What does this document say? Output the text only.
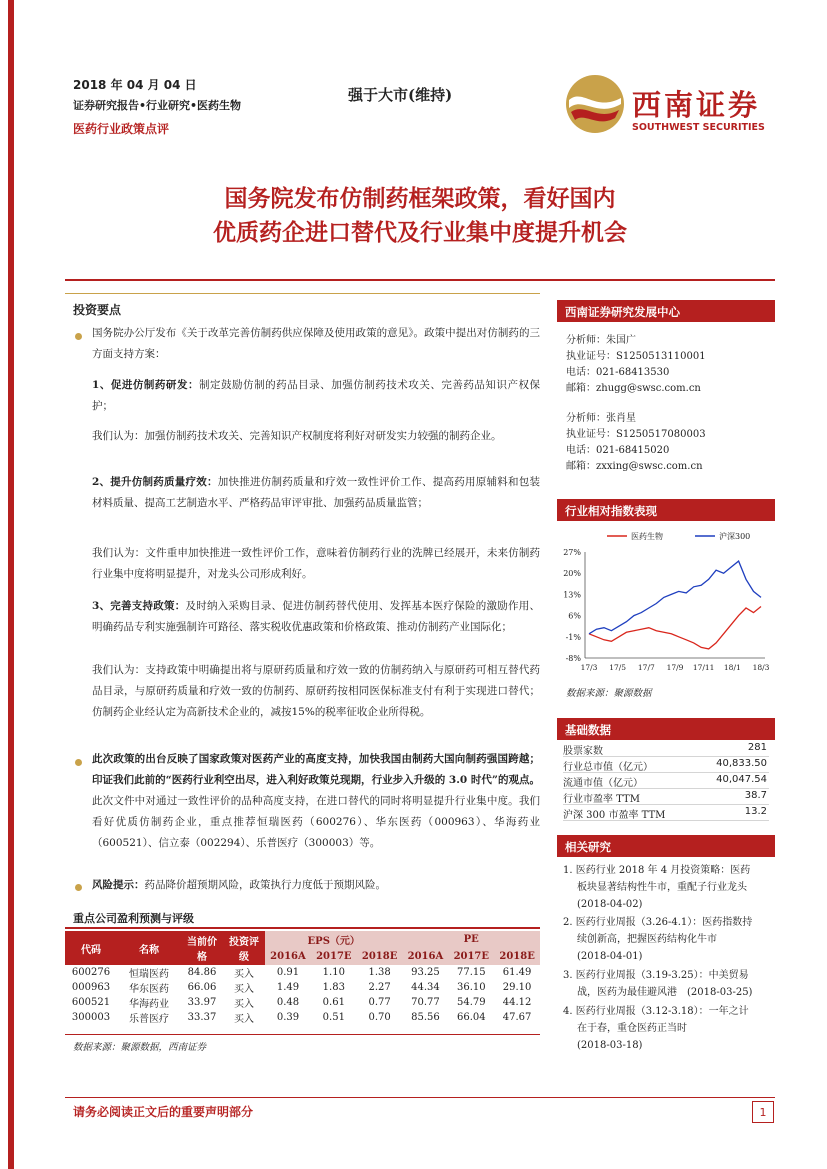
2018 年 04 月 04 日
证券研究报告•行业研究•医药生物
医药行业政策点评
强于大市(维持)	西南证券
SOUTHWEST SECURITIES
国务院发布仿制药框架政策，看好国内
优质药企进口替代及行业集中度提升机会
投资要点
国务院办公厅发布《关于改革完善仿制药供应保障及使用政策的意见》。政策中提出对仿制药的三方面支持方案：
1、促进仿制药研发：制定鼓励仿制的药品目录、加强仿制药技术攻关、完善药品知识产权保护；
我们认为：加强仿制药技术攻关、完善知识产权制度将利好对研发实力较强的制药企业。
2、提升仿制药质量疗效：加快推进仿制药质量和疗效一致性评价工作、提高药用原辅料和包装材料质量、提高工艺制造水平、严格药品审评审批、加强药品质量监管；
我们认为：文件重申加快推进一致性评价工作，意味着仿制药行业的洗牌已经展开，未来仿制药行业集中度将明显提升，对龙头公司形成利好。
3、完善支持政策：及时纳入采购目录、促进仿制药替代使用、发挥基本医疗保险的激励作用、明确药品专利实施强制许可路径、落实税收优惠政策和价格政策、推动仿制药产业国际化；
我们认为：支持政策中明确提出将与原研药质量和疗效一致的仿制药纳入与原研药可相互替代药品目录，与原研药质量和疗效一致的仿制药、原研药按相同医保标准支付有利于实现进口替代；仿制药企业经认定为高新技术企业的，减按15%的税率征收企业所得税。
此次政策的出台反映了国家政策对医药产业的高度支持，加快我国由制药大国向制药强国跨越；印证我们此前的“医药行业利空出尽，进入利好政策兑现期，行业步入升级的 3.0 时代”的观点。此次文件中对通过一致性评价的品种高度支持，在进口替代的同时将明显提升行业集中度。我们看好优质仿制药企业，重点推荐恒瑞医药（600276）、华东医药（000963）、华海药业（600521）、信立泰（002294）、乐普医疗（300003）等。
风险提示：药品降价超预期风险，政策执行力度低于预期风险。
重点公司盈利预测与评级
代码	名称	当前价格	投资评级	EPS（元）			PE		
				2016A	2017E	2018E	2016A	2017E	2018E
600276	恒瑞医药	84.86	买入	0.91	1.10	1.38	93.25	77.15	61.49
000963	华东医药	66.06	买入	1.49	1.83	2.27	44.34	36.10	29.10
600521	华海药业	33.97	买入	0.48	0.61	0.77	70.77	54.79	44.12
300003	乐普医疗	33.37	买入	0.39	0.51	0.70	85.56	66.04	47.67
数据来源：聚源数据，西南证券
西南证券研究发展中心
分析师：朱国广
执业证号：S1250513110001
电话：021-68413530
邮箱：zhugg@swsc.com.cn
分析师：张肖星
执业证号：S1250517080003
电话：021-68415020
邮箱：zxxing@swsc.com.cn
行业相对指数表现
27%
20%
13%
6%
-1%
-8%
17/3 17/5 17/7 17/9 17/11 18/1 18/3
医药生物	沪深300
数据来源：聚源数据
基础数据
股票家数	281
行业总市值（亿元）	40,833.50
流通市值（亿元）	40,047.54
行业市盈率 TTM	38.7
沪深 300 市盈率 TTM	13.2
相关研究
1. 医药行业 2018 年 4 月投资策略：医药
板块显著结构性牛市，重配子行业龙头
(2018-04-02)
2. 医药行业周报（3.26-4.1）：医药指数持
续创新高，把握医药结构化牛市
(2018-04-01)
3. 医药行业周报（3.19-3.25）：中美贸易
战，医药为最佳避风港　(2018-03-25)
4. 医药行业周报（3.12-3.18）：一年之计
在于春，重仓医药正当时
(2018-03-18)
请务必阅读正文后的重要声明部分	1
